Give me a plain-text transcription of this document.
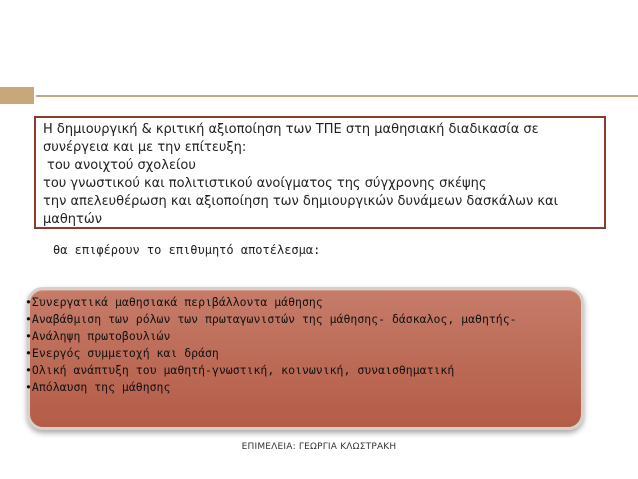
Η δημιουργική & κριτική αξιοποίηση των ΤΠΕ στη μαθησιακή διαδικασία σε
συνέργεια και με την επίτευξη:
του ανοιχτού σχολείου
του γνωστικού και πολιτιστικού ανοίγματος της σύγχρονης σκέψης
την απελευθέρωση και αξιοποίηση των δημιουργικών δυνάμεων δασκάλων και
μαθητών
θα επιφέρουν το επιθυμητό αποτέλεσμα:
•Συνεργατικά μαθησιακά περιβάλλοντα μάθησης
•Αναβάθμιση των ρόλων των πρωταγωνιστών της μάθησης- δάσκαλος, μαθητής-
•Ανάληψη πρωτοβουλιών
•Ενεργός συμμετοχή και δράση
•Ολική ανάπτυξη του μαθητή-γνωστική, κοινωνική, συναισθηματική
•Απόλαυση της μάθησης
ΕΠΙΜΕΛΕΙΑ: ΓΕΩΡΓΙΑ ΚΛΩΣΤΡΑΚΗ
